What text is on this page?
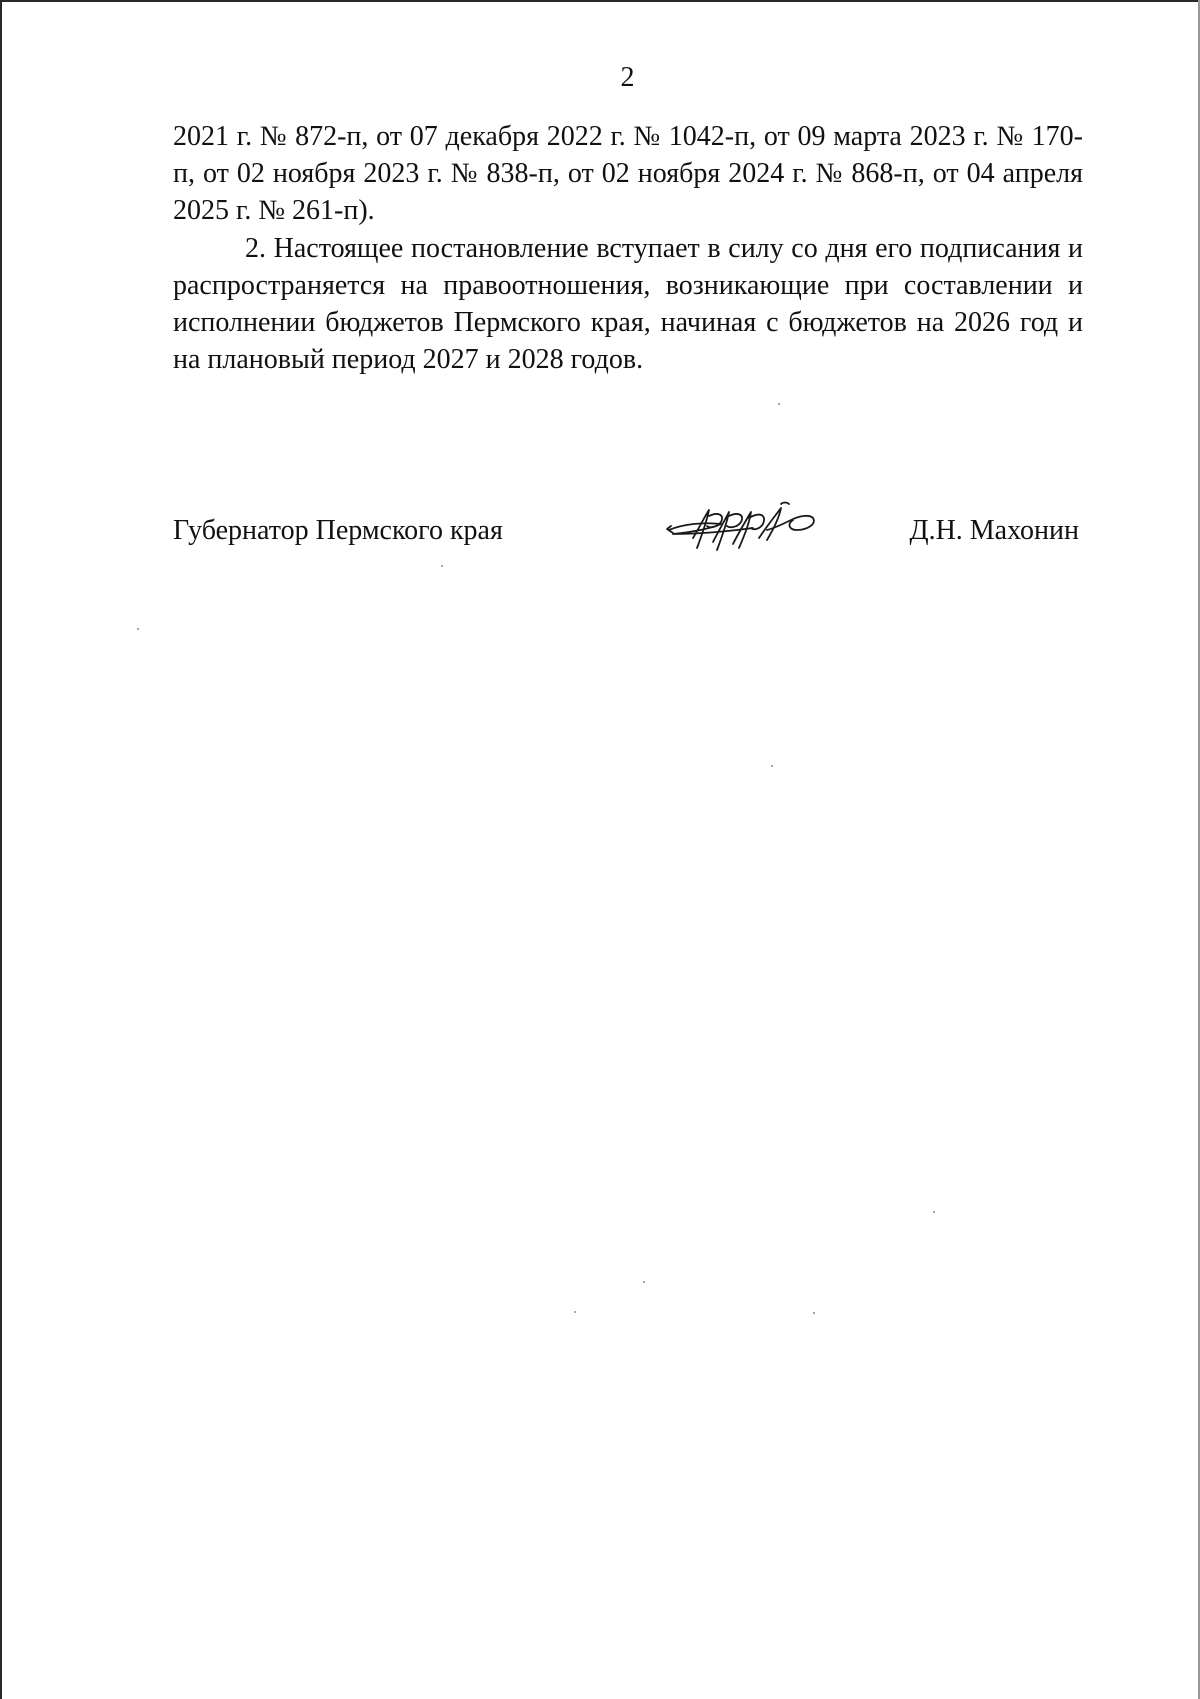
2

2021 г. № 872-п, от 07 декабря 2022 г. № 1042-п, от 09 марта 2023 г. № 170-п, от 02 ноября 2023 г. № 838-п, от 02 ноября 2024 г. № 868-п, от 04 апреля 2025 г. № 261-п).

2. Настоящее постановление вступает в силу со дня его подписания и распространяется на правоотношения, возникающие при составлении и исполнении бюджетов Пермского края, начиная с бюджетов на 2026 год и на плановый период 2027 и 2028 годов.

Губернатор Пермского края	Д.Н. Махонин
